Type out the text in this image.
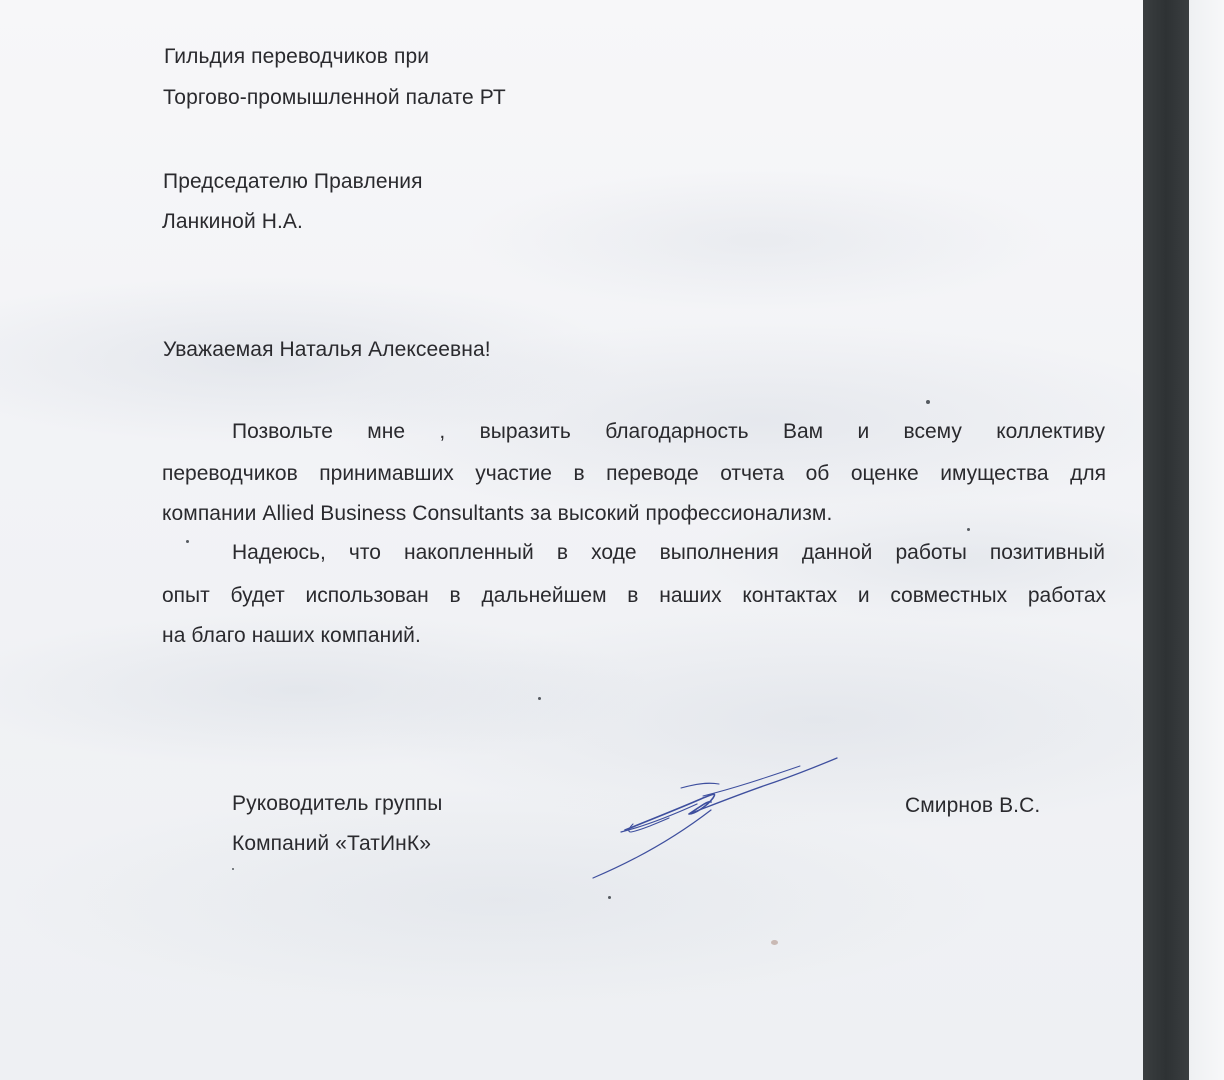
Гильдия переводчиков при
Торгово-промышленной палате РТ
Председателю Правления
Ланкиной Н.А.
Уважаемая Наталья Алексеевна!
Позвольте мне , выразить благодарность Вам и всему коллективу
переводчиков принимавших участие в переводе отчета об оценке имущества для
компании Allied Business Consultants за высокий профессионализм.
Надеюсь, что накопленный в ходе выполнения данной работы позитивный
опыт будет использован в дальнейшем в наших контактах и совместных работах
на благо наших компаний.
Руководитель группы
Компаний «ТатИнК»
Смирнов В.С.
